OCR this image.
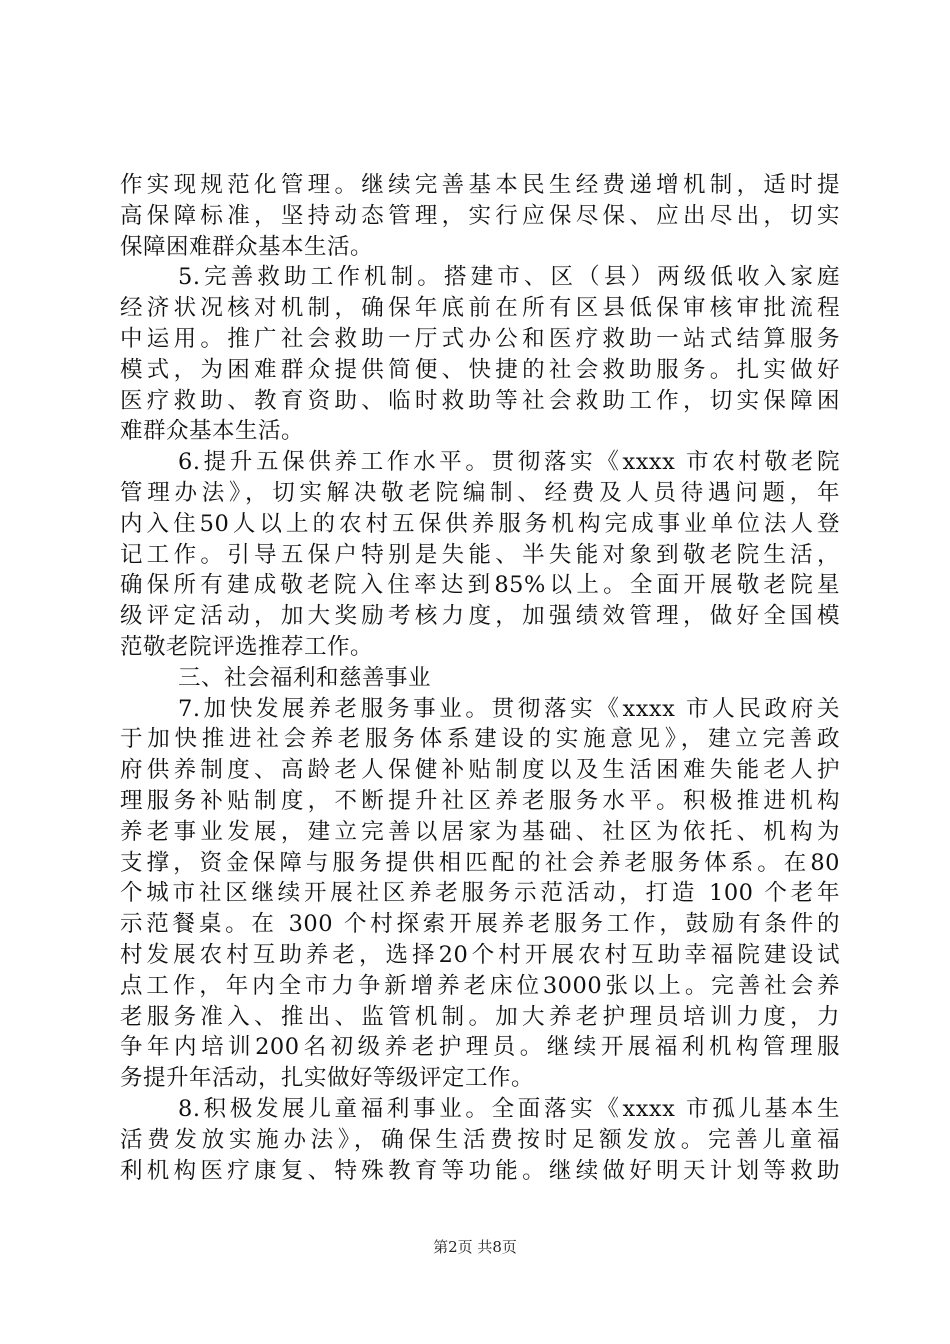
作实现规范化管理。继续完善基本民生经费递增机制，适时提
高保障标准，坚持动态管理，实行应保尽保、应出尽出，切实
保障困难群众基本生活。
5.完善救助工作机制。搭建市、区（县）两级低收入家庭
经济状况核对机制，确保年底前在所有区县低保审核审批流程
中运用。推广社会救助一厅式办公和医疗救助一站式结算服务
模式，为困难群众提供简便、快捷的社会救助服务。扎实做好
医疗救助、教育资助、临时救助等社会救助工作，切实保障困
难群众基本生活。
6.提升五保供养工作水平。贯彻落实《xxxx 市农村敬老院
管理办法》，切实解决敬老院编制、经费及人员待遇问题，年
内入住50人以上的农村五保供养服务机构完成事业单位法人登
记工作。引导五保户特别是失能、半失能对象到敬老院生活，
确保所有建成敬老院入住率达到85%以上。全面开展敬老院星
级评定活动，加大奖励考核力度，加强绩效管理，做好全国模
范敬老院评选推荐工作。
三、社会福利和慈善事业
7.加快发展养老服务事业。贯彻落实《xxxx 市人民政府关
于加快推进社会养老服务体系建设的实施意见》，建立完善政
府供养制度、高龄老人保健补贴制度以及生活困难失能老人护
理服务补贴制度，不断提升社区养老服务水平。积极推进机构
养老事业发展，建立完善以居家为基础、社区为依托、机构为
支撑，资金保障与服务提供相匹配的社会养老服务体系。在80
个城市社区继续开展社区养老服务示范活动，打造 100 个老年
示范餐桌。在 300 个村探索开展养老服务工作，鼓励有条件的
村发展农村互助养老，选择20个村开展农村互助幸福院建设试
点工作，年内全市力争新增养老床位3000张以上。完善社会养
老服务准入、推出、监管机制。加大养老护理员培训力度，力
争年内培训200名初级养老护理员。继续开展福利机构管理服
务提升年活动，扎实做好等级评定工作。
8.积极发展儿童福利事业。全面落实《xxxx 市孤儿基本生
活费发放实施办法》，确保生活费按时足额发放。完善儿童福
利机构医疗康复、特殊教育等功能。继续做好明天计划等救助
第2页 共8页
